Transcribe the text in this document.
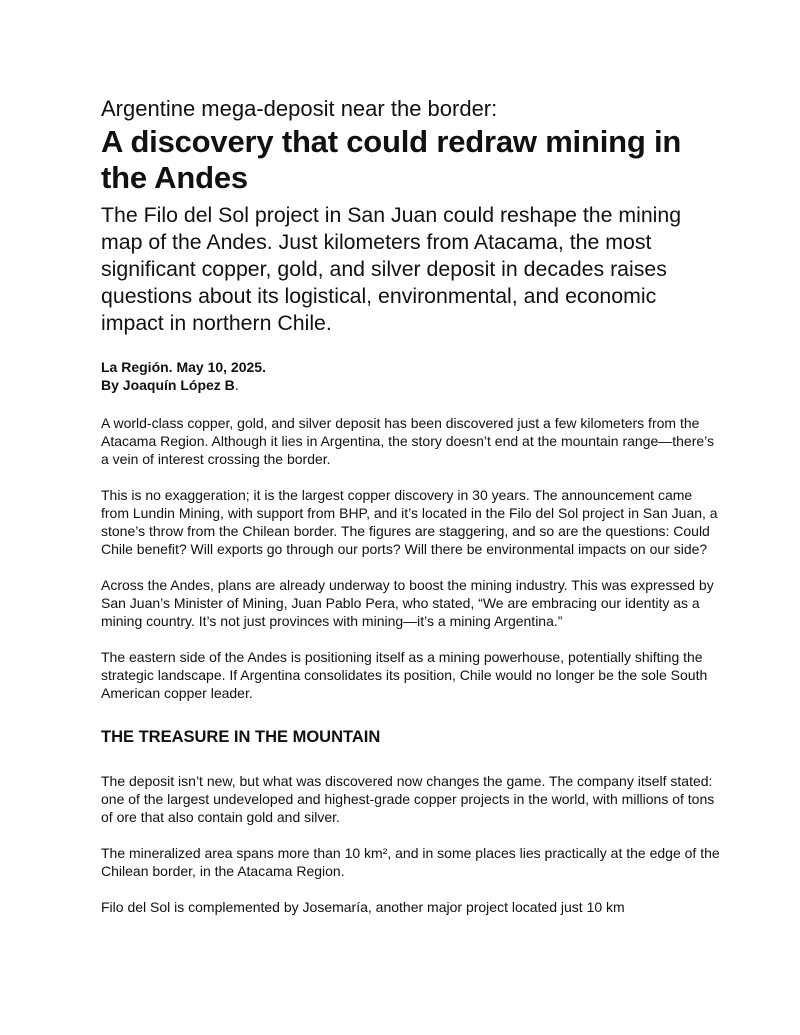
Argentine mega-deposit near the border:
A discovery that could redraw mining in the Andes

The Filo del Sol project in San Juan could reshape the mining map of the Andes. Just kilometers from Atacama, the most significant copper, gold, and silver deposit in decades raises questions about its logistical, environmental, and economic impact in northern Chile.

La Región. May 10, 2025.
By Joaquín López B.

A world-class copper, gold, and silver deposit has been discovered just a few kilometers from the Atacama Region. Although it lies in Argentina, the story doesn’t end at the mountain range—there’s a vein of interest crossing the border.

This is no exaggeration; it is the largest copper discovery in 30 years. The announcement came from Lundin Mining, with support from BHP, and it’s located in the Filo del Sol project in San Juan, a stone’s throw from the Chilean border. The figures are staggering, and so are the questions: Could Chile benefit? Will exports go through our ports? Will there be environmental impacts on our side?

Across the Andes, plans are already underway to boost the mining industry. This was expressed by San Juan’s Minister of Mining, Juan Pablo Pera, who stated, “We are embracing our identity as a mining country. It’s not just provinces with mining—it’s a mining Argentina.”

The eastern side of the Andes is positioning itself as a mining powerhouse, potentially shifting the strategic landscape. If Argentina consolidates its position, Chile would no longer be the sole South American copper leader.

THE TREASURE IN THE MOUNTAIN

The deposit isn’t new, but what was discovered now changes the game. The company itself stated: one of the largest undeveloped and highest-grade copper projects in the world, with millions of tons of ore that also contain gold and silver.

The mineralized area spans more than 10 km², and in some places lies practically at the edge of the Chilean border, in the Atacama Region.

Filo del Sol is complemented by Josemaría, another major project located just 10 km
